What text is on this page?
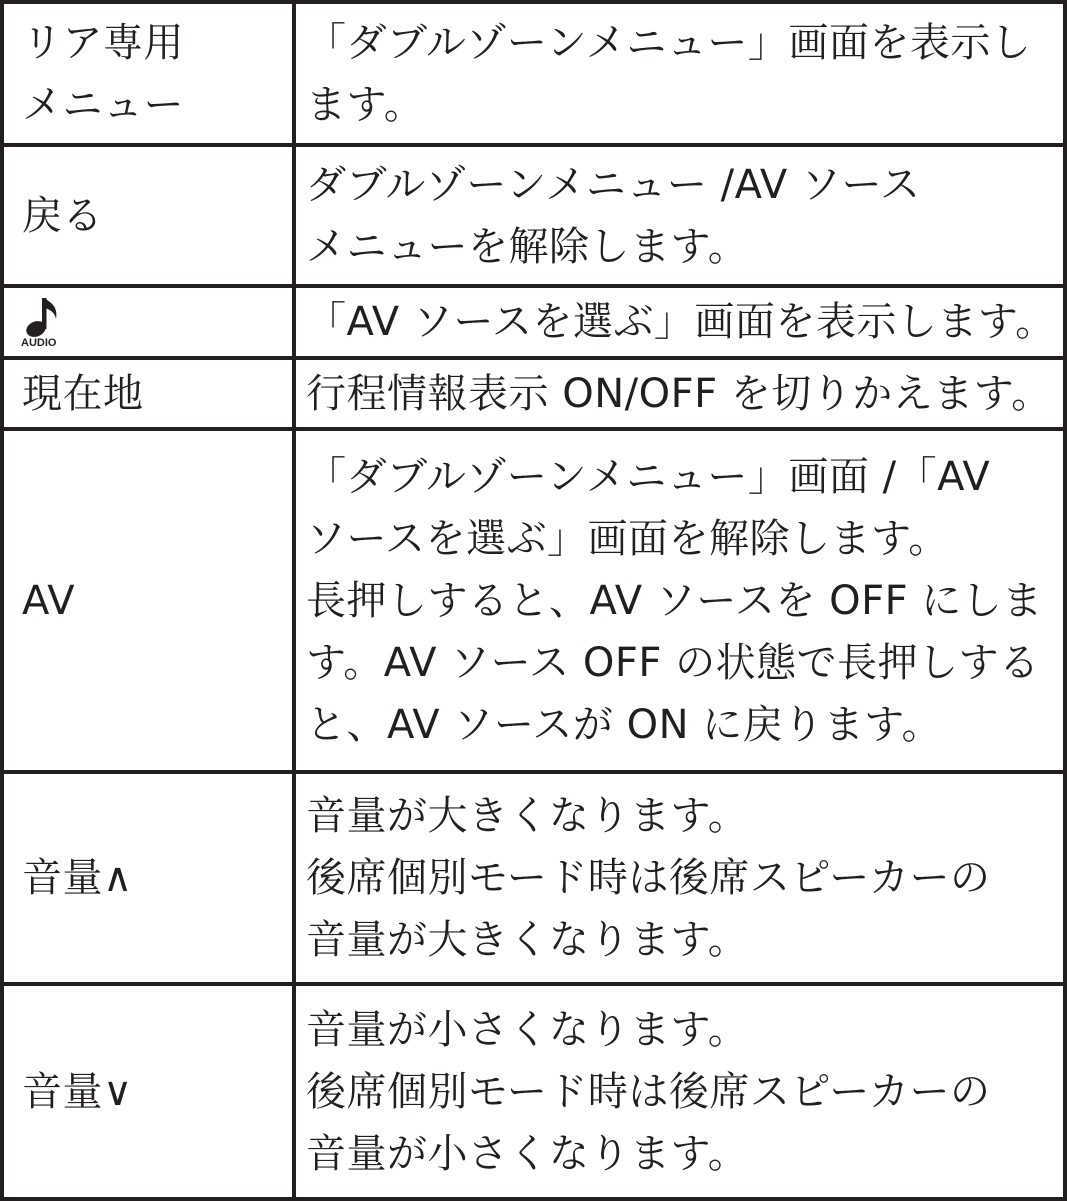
リア専用
メニュー	「ダブルゾーンメニュー」画面を表示し
ます。

戻る	ダブルゾーンメニュー /AV ソース
メニューを解除します。

AUDIO	「AV ソースを選ぶ」画面を表示します。

現在地	行程情報表示 ON/OFF を切りかえます。

AV	「ダブルゾーンメニュー」画面 /「AV
ソースを選ぶ」画面を解除します。
長押しすると、AV ソースを OFF にしま
す。AV ソース OFF の状態で長押しする
と、AV ソースが ON に戻ります。

音量∧	音量が大きくなります。
後席個別モード時は後席スピーカーの
音量が大きくなります。

音量∨	音量が小さくなります。
後席個別モード時は後席スピーカーの
音量が小さくなります。
